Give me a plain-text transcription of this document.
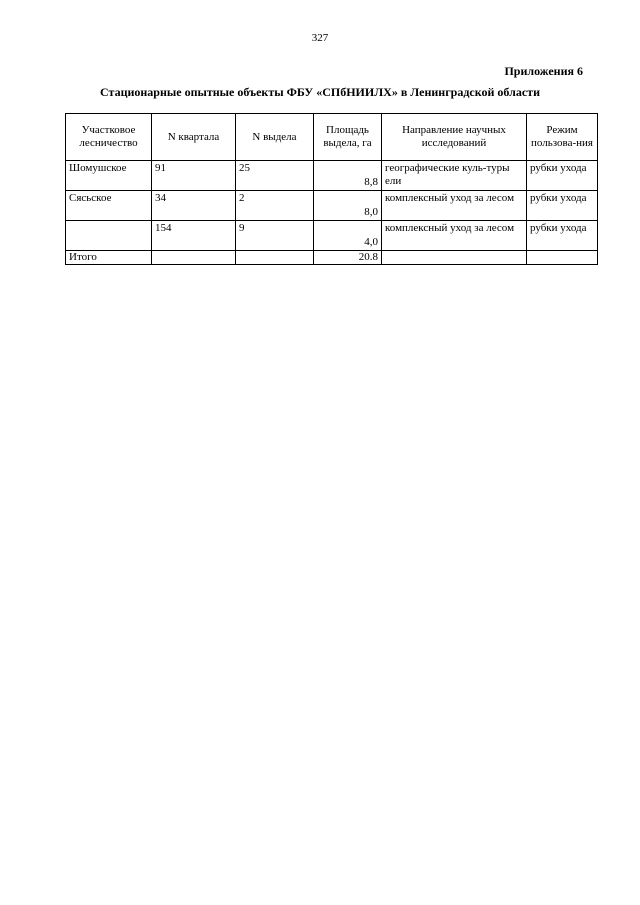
327
Приложения 6
Стационарные опытные объекты ФБУ «СПбНИИЛХ» в Ленинградской области
Участковое лесничество	N квартала	N выдела	Площадь выдела, га	Направление научных исследований	Режим пользова-ния
Шомушское	91	25	8,8	географические куль-туры ели	рубки ухода
Сясьское	34	2	8,0	комплексный уход за лесом	рубки ухода
	154	9	4,0	комплексный уход за лесом	рубки ухода
Итого			20.8		
